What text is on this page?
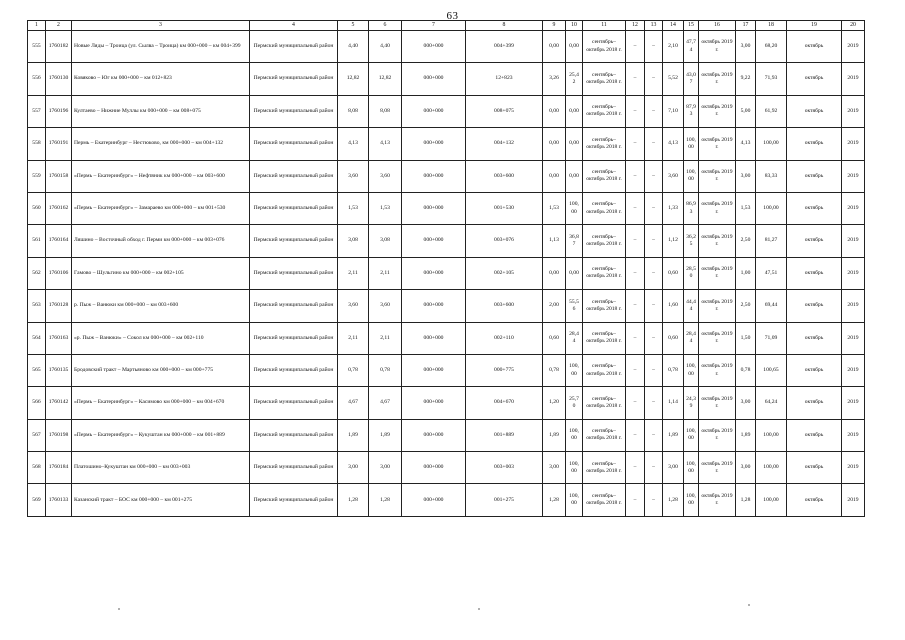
63
1	2	3	4	5	6	7	8	9	10	11	12	13	14	15	16	17	18	19	20
555	1760182	Новые Ляды – Троица (ул. Сылва – Троица) км 000+000 – км 004+399	Пермский муниципальный район	4,40	4,40	000+000	004+399	0,00	0,00	сентябрь–октябрь 2018 г.	–	–	2,10	47,7 4	октябрь 2019 г.	3,00	68,20	октябрь	2019
556	1760130	Ковяково – Юг км 000+000 – км 012+823	Пермский муниципальный район	12,82	12,82	000+000	12+823	3,26	25,4 2	сентябрь–октябрь 2018 г.	–	–	5,52	43,0 7	октябрь 2019 г.	9,22	71,93	октябрь	2019
557	1760196	Култаево – Нижние Муллы км 000+000 – км 008+075	Пермский муниципальный район	8,08	8,08	000+000	008+075	0,00	0,00	сентябрь–октябрь 2018 г.	–	–	7,10	87,9 3	октябрь 2019 г.	5,00	61,92	октябрь	2019
558	1760191	Пермь – Екатеринбург – Нестюково, км 000+000 – км 004+132	Пермский муниципальный район	4,13	4,13	000+000	004+132	0,00	0,00	сентябрь–октябрь 2018 г.	–	–	4,13	100, 00	октябрь 2019 г.	4,13	100,00	октябрь	2019
559	1760158	«Пермь – Екатеринбург» – Нефтяник км 000+000 – км 003+600	Пермский муниципальный район	3,60	3,60	000+000	003+600	0,00	0,00	сентябрь–октябрь 2018 г.	–	–	3,60	100, 00	октябрь 2019 г.	3,00	83,33	октябрь	2019
560	1760162	«Пермь – Екатеринбург» – Замараево км 000+000 – км 001+530	Пермский муниципальный район	1,53	1,53	000+000	001+530	1,53	100, 00	сентябрь–октябрь 2018 г.	–	–	1,33	86,9 3	октябрь 2019 г.	1,53	100,00	октябрь	2019
561	1760164	Ляшино – Восточный обход г. Перми км 000+000 – км 003+076	Пермский муниципальный район	3,08	3,08	000+000	003+076	1,13	36,8 7	сентябрь–октябрь 2018 г.	–	–	1,12	36,2 5	октябрь 2019 г.	2,50	81,27	октябрь	2019
562	1760106	Гамово – Шульгино км 000+000 – км 002+105	Пермский муниципальный район	2,11	2,11	000+000	002+105	0,00	0,00	сентябрь–октябрь 2018 г.	–	–	0,60	28,5 0	октябрь 2019 г.	1,00	47,51	октябрь	2019
563	1760128	р. Пыж – Ванюки км 000+000 – км 003+600	Пермский муниципальный район	3,60	3,60	000+000	003+600	2,00	55,5 6	сентябрь–октябрь 2018 г.	–	–	1,60	44,4 4	октябрь 2019 г.	2,50	69,44	октябрь	2019
564	1760163	«р. Пыж – Ванюки» – Сокол км 000+000 – км 002+110	Пермский муниципальный район	2,11	2,11	000+000	002+110	0,60	28,4 4	сентябрь–октябрь 2018 г.	–	–	0,60	28,4 4	октябрь 2019 г.	1,50	71,09	октябрь	2019
565	1760135	Бродовский тракт – Мартьяново км 000+000 – км 000+775	Пермский муниципальный район	0,78	0,78	000+000	000+775	0,78	100, 00	сентябрь–октябрь 2018 г.	–	–	0,78	100, 00	октябрь 2019 г.	0,78	100,65	октябрь	2019
566	1760142	«Пермь – Екатеринбург» – Касимово км 000+000 – км 004+670	Пермский муниципальный район	4,67	4,67	000+000	004+670	1,20	25,7 0	сентябрь–октябрь 2018 г.	–	–	1,14	24,3 9	октябрь 2019 г.	3,00	64,24	октябрь	2019
567	1760198	«Пермь – Екатеринбург» – Кукуштан км 000+000 – км 001+889	Пермский муниципальный район	1,89	1,89	000+000	001+889	1,89	100, 00	сентябрь–октябрь 2018 г.	–	–	1,89	100, 00	октябрь 2019 г.	1,89	100,00	октябрь	2019
568	1760184	Платошино–Кукуштан км 000+000 – км 003+003	Пермский муниципальный район	3,00	3,00	000+000	003+003	3,00	100, 00	сентябрь–октябрь 2018 г.	–	–	3,00	100, 00	октябрь 2019 г.	3,00	100,00	октябрь	2019
569	1760133	Казанский тракт – БОС км 000+000 – км 001+275	Пермский муниципальный район	1,28	1,28	000+000	001+275	1,28	100, 00	сентябрь–октябрь 2018 г.	–	–	1,28	100, 00	октябрь 2019 г.	1,28	100,00	октябрь	2019
